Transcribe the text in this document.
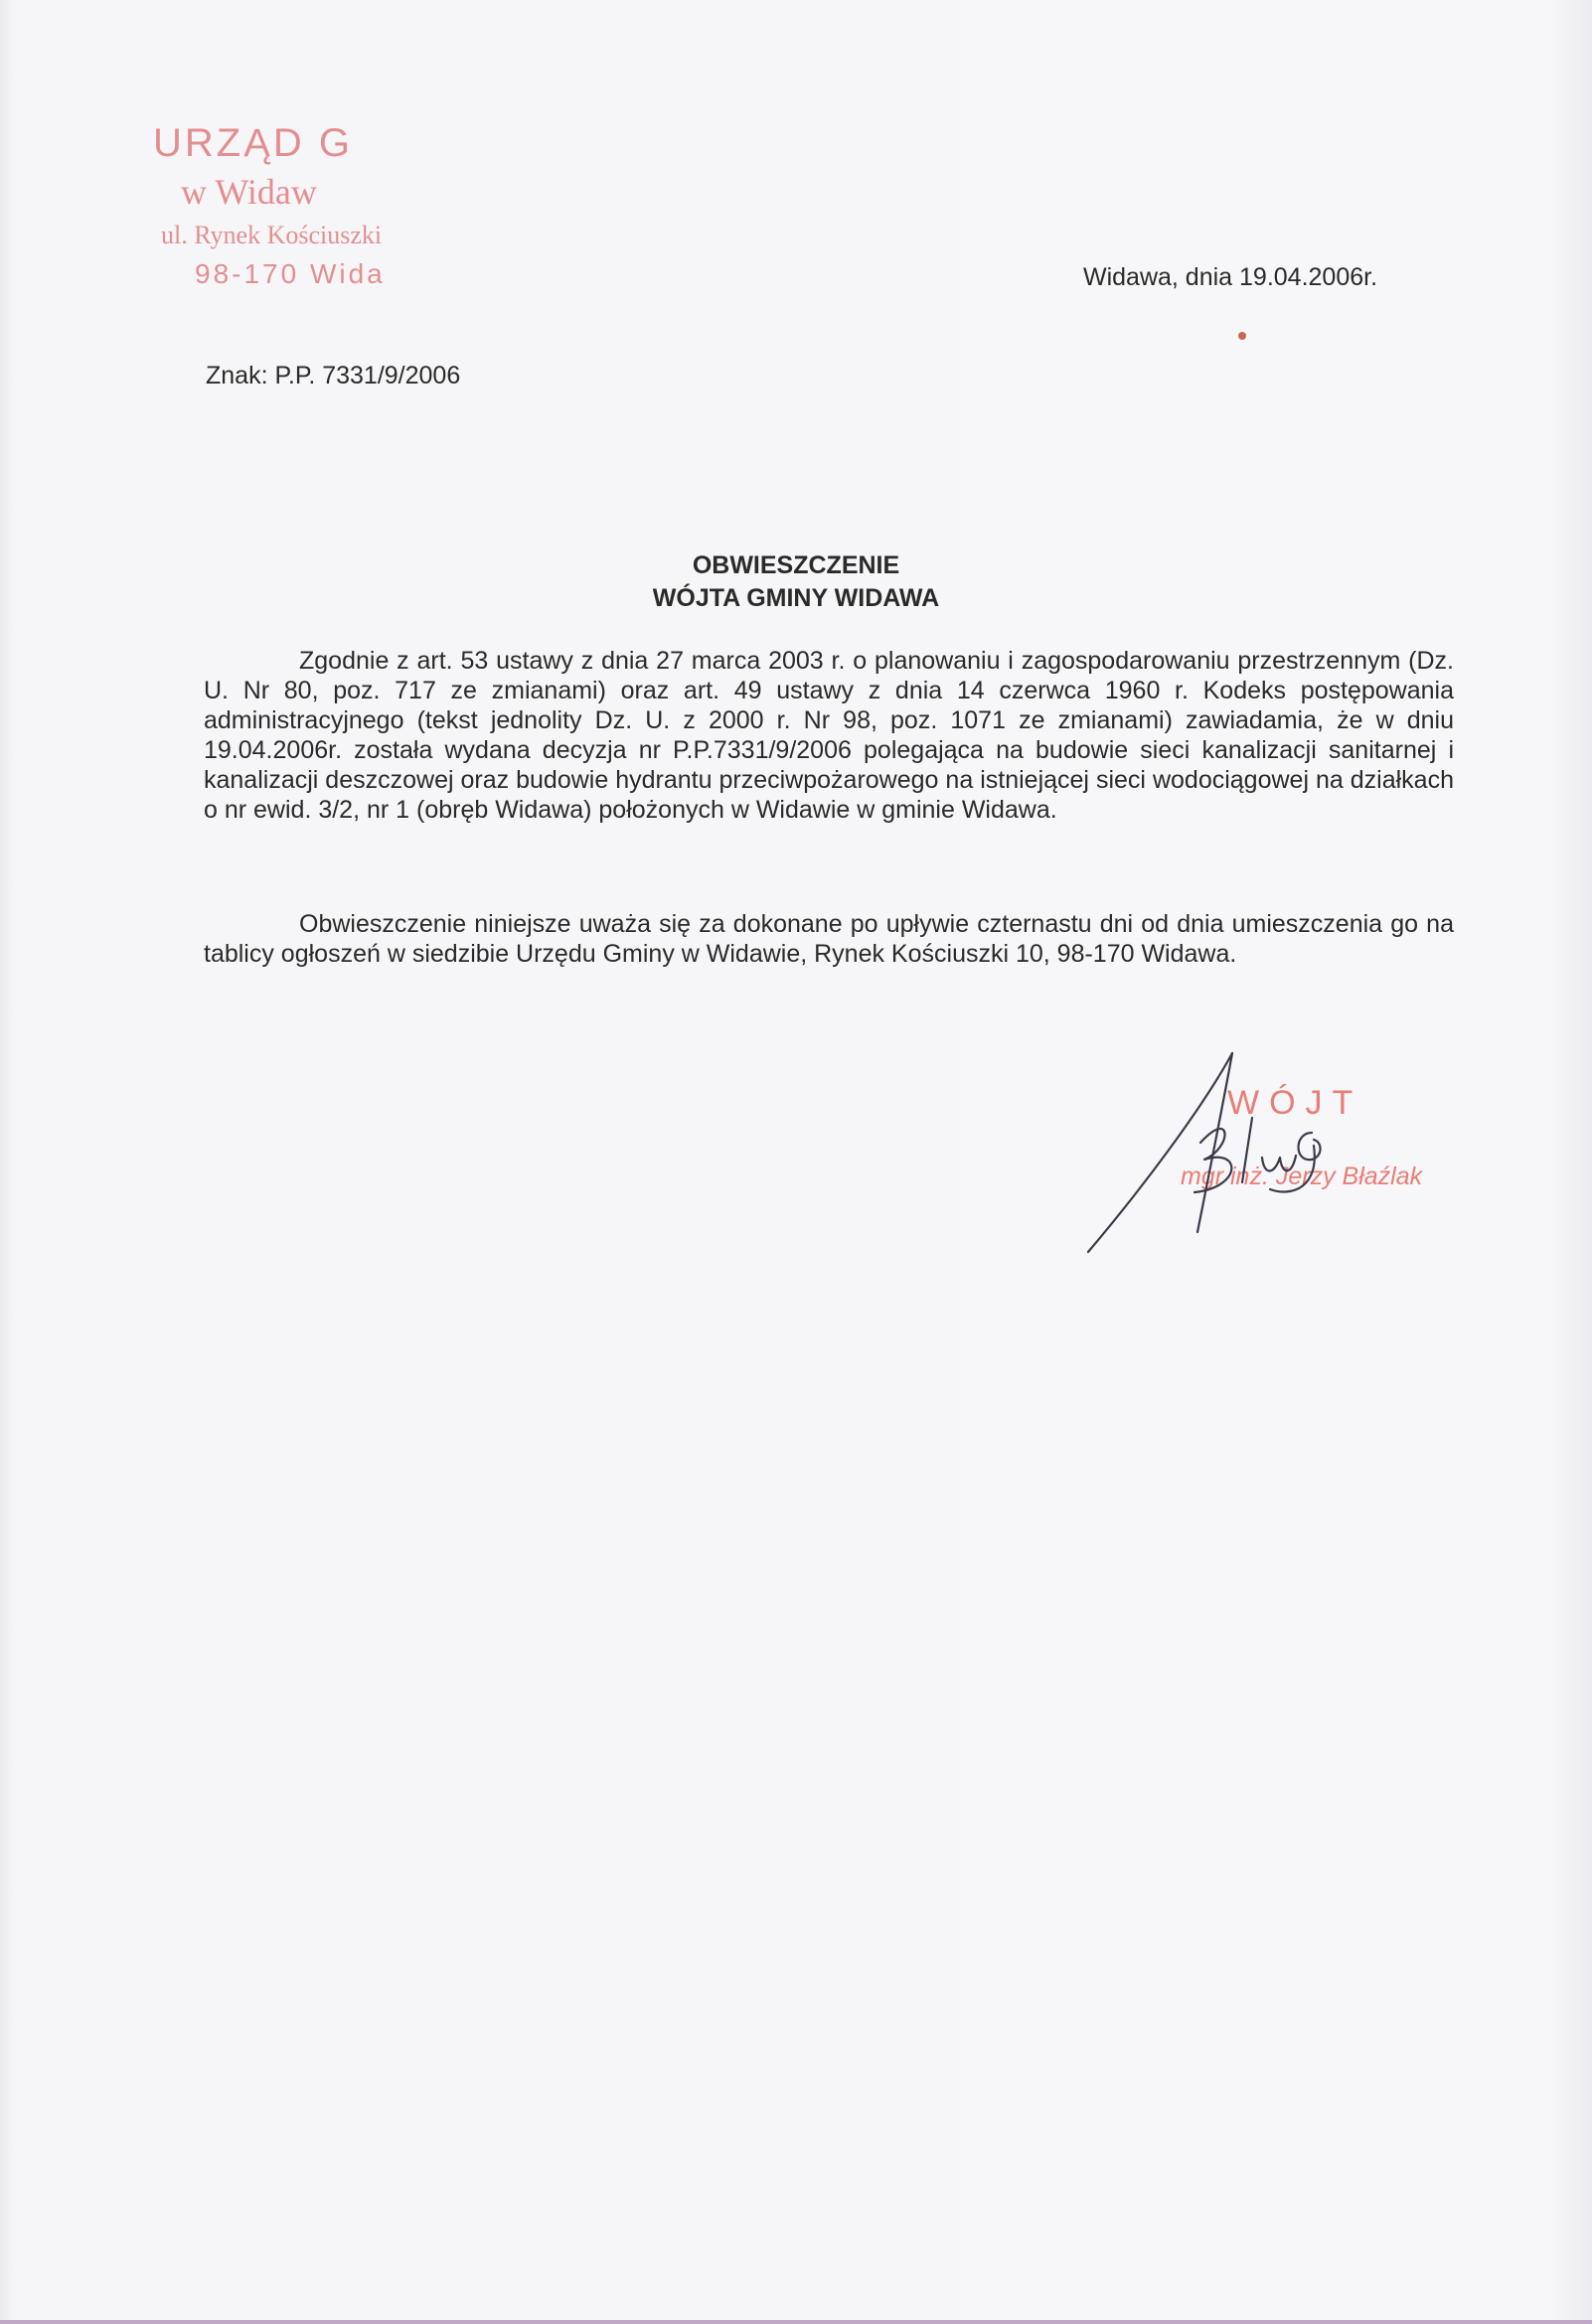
URZĄD G
w Widaw
ul. Rynek Kościuszki
98-170 Wida	Widawa, dnia 19.04.2006r.
Znak: P.P. 7331/9/2006
OBWIESZCZENIE
WÓJTA GMINY WIDAWA
Zgodnie z art. 53 ustawy z dnia 27 marca 2003 r. o planowaniu i zagospodarowaniu przestrzennym (Dz. U. Nr 80, poz. 717 ze zmianami) oraz art. 49 ustawy z dnia 14 czerwca 1960 r. Kodeks postępowania administracyjnego (tekst jednolity Dz. U. z 2000 r. Nr 98, poz. 1071 ze zmianami) zawiadamia, że w dniu 19.04.2006r. została wydana decyzja nr P.P.7331/9/2006 polegająca na budowie sieci kanalizacji sanitarnej i kanalizacji deszczowej oraz budowie hydrantu przeciwpożarowego na istniejącej sieci wodociągowej na działkach o nr ewid. 3/2, nr 1 (obręb Widawa) położonych w Widawie w gminie Widawa.
Obwieszczenie niniejsze uważa się za dokonane po upływie czternastu dni od dnia umieszczenia go na tablicy ogłoszeń w siedzibie Urzędu Gminy w Widawie, Rynek Kościuszki 10, 98-170 Widawa.
WÓJT
mgr inż. Jerzy Błaźlak
